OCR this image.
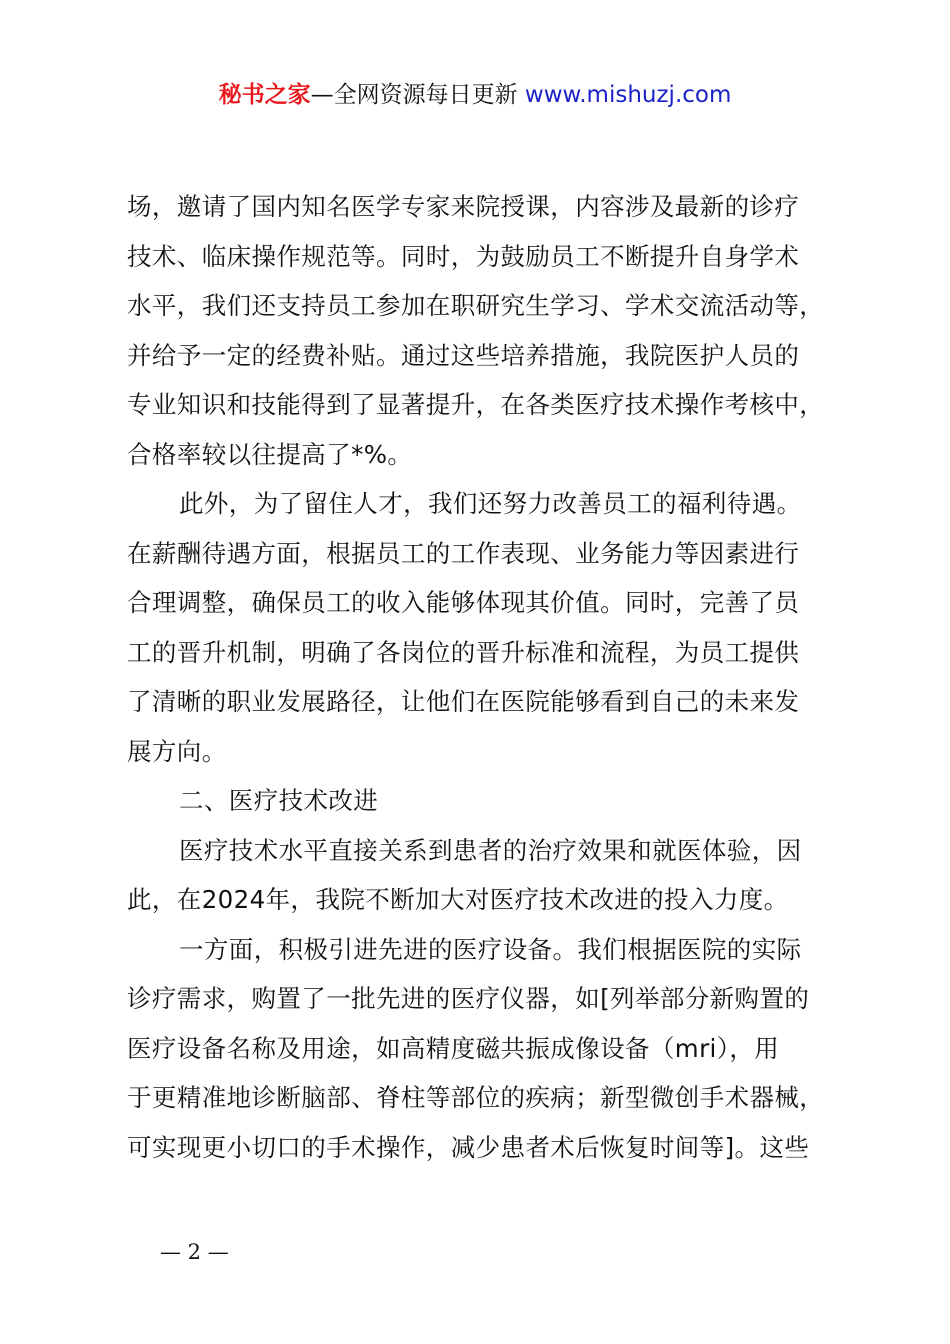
秘书之家—全网资源每日更新 www.mishuzj.com

场，邀请了国内知名医学专家来院授课，内容涉及最新的诊疗
技术、临床操作规范等。同时，为鼓励员工不断提升自身学术
水平，我们还支持员工参加在职研究生学习、学术交流活动等，
并给予一定的经费补贴。通过这些培养措施，我院医护人员的
专业知识和技能得到了显著提升，在各类医疗技术操作考核中，
合格率较以往提高了*%。

此外，为了留住人才，我们还努力改善员工的福利待遇。
在薪酬待遇方面，根据员工的工作表现、业务能力等因素进行
合理调整，确保员工的收入能够体现其价值。同时，完善了员
工的晋升机制，明确了各岗位的晋升标准和流程，为员工提供
了清晰的职业发展路径，让他们在医院能够看到自己的未来发
展方向。

二、医疗技术改进

医疗技术水平直接关系到患者的治疗效果和就医体验，因
此，在2024年，我院不断加大对医疗技术改进的投入力度。

一方面，积极引进先进的医疗设备。我们根据医院的实际
诊疗需求，购置了一批先进的医疗仪器，如[列举部分新购置的
医疗设备名称及用途，如高精度磁共振成像设备（mri），用
于更精准地诊断脑部、脊柱等部位的疾病；新型微创手术器械，
可实现更小切口的手术操作，减少患者术后恢复时间等]。这些

— 2 —
